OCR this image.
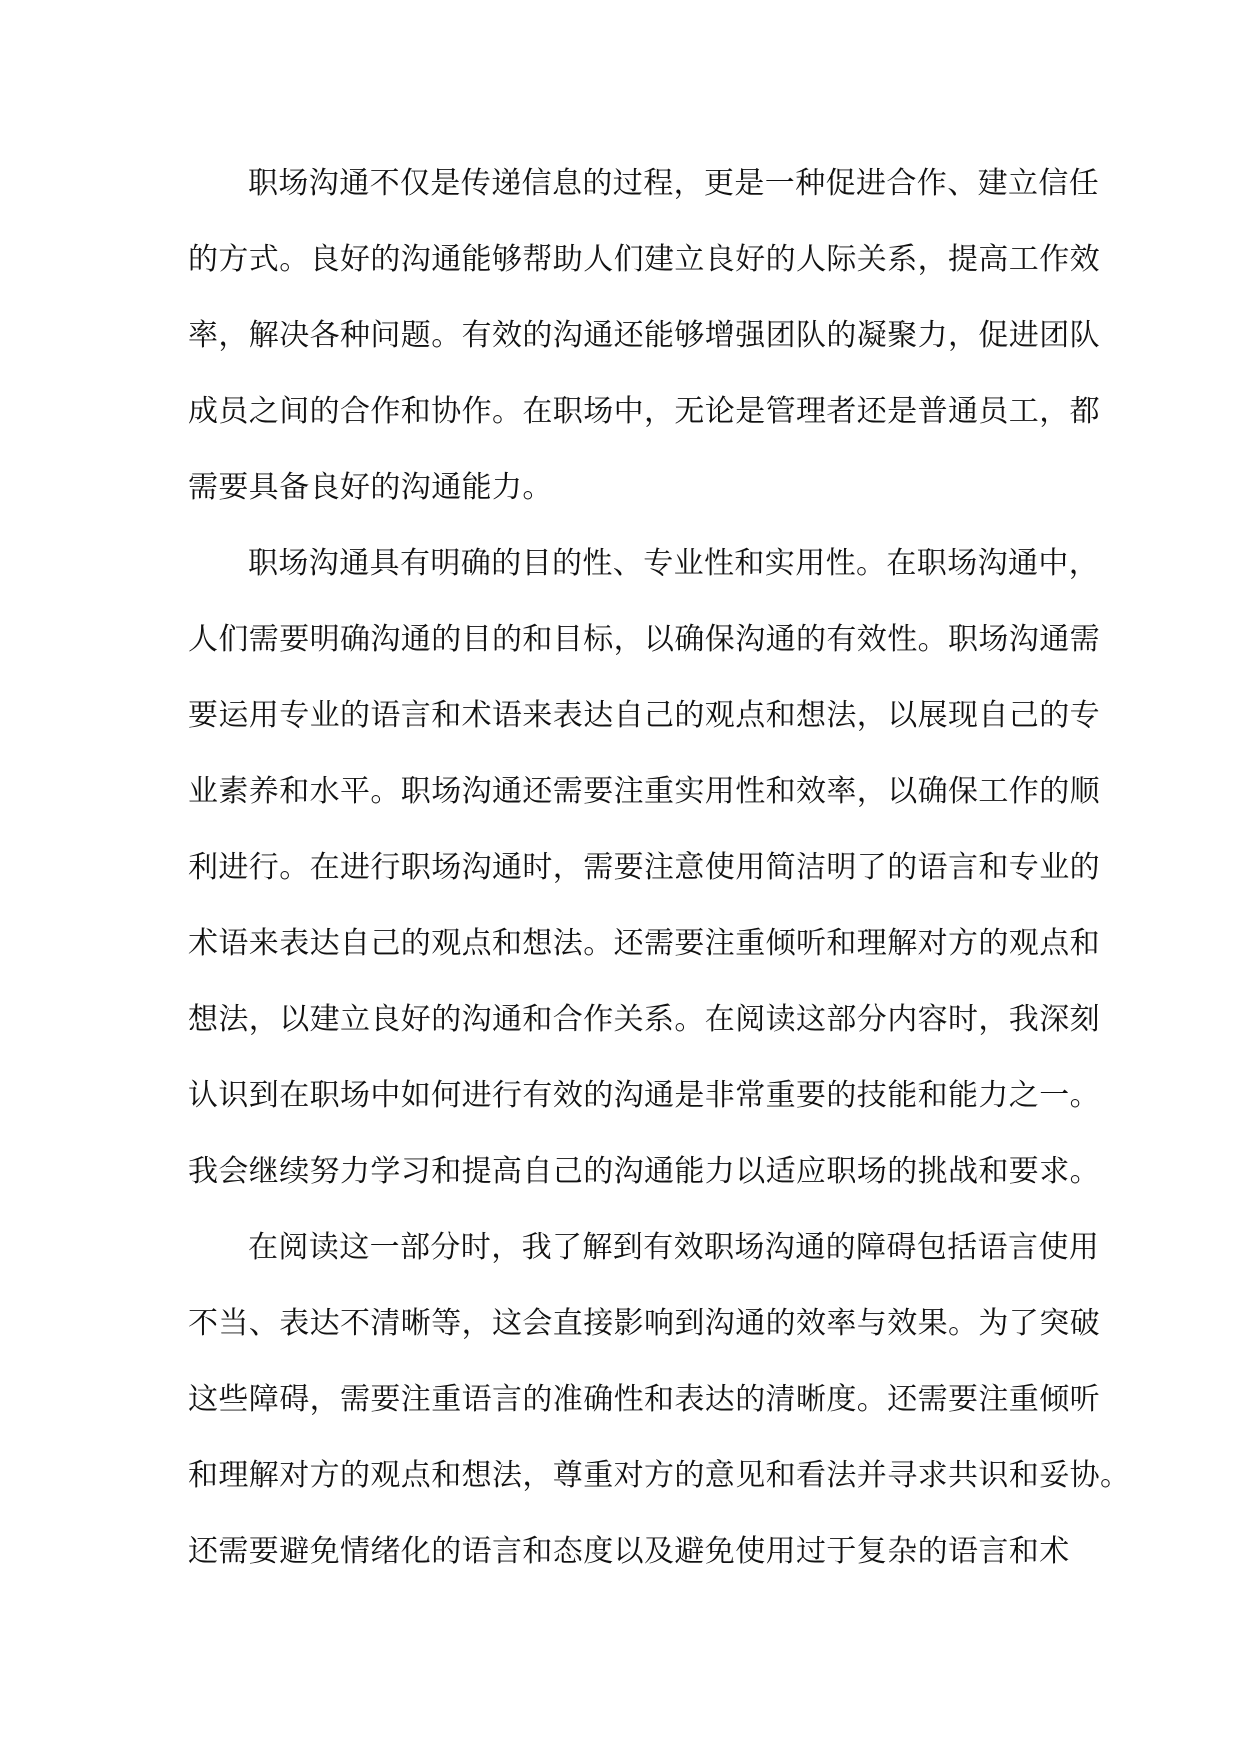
职场沟通不仅是传递信息的过程，更是一种促进合作、建立信任
的方式。良好的沟通能够帮助人们建立良好的人际关系，提高工作效
率，解决各种问题。有效的沟通还能够增强团队的凝聚力，促进团队
成员之间的合作和协作。在职场中，无论是管理者还是普通员工，都
需要具备良好的沟通能力。
职场沟通具有明确的目的性、专业性和实用性。在职场沟通中，
人们需要明确沟通的目的和目标，以确保沟通的有效性。职场沟通需
要运用专业的语言和术语来表达自己的观点和想法，以展现自己的专
业素养和水平。职场沟通还需要注重实用性和效率，以确保工作的顺
利进行。在进行职场沟通时，需要注意使用简洁明了的语言和专业的
术语来表达自己的观点和想法。还需要注重倾听和理解对方的观点和
想法，以建立良好的沟通和合作关系。在阅读这部分内容时，我深刻
认识到在职场中如何进行有效的沟通是非常重要的技能和能力之一。
我会继续努力学习和提高自己的沟通能力以适应职场的挑战和要求。
在阅读这一部分时，我了解到有效职场沟通的障碍包括语言使用
不当、表达不清晰等，这会直接影响到沟通的效率与效果。为了突破
这些障碍，需要注重语言的准确性和表达的清晰度。还需要注重倾听
和理解对方的观点和想法，尊重对方的意见和看法并寻求共识和妥协。
还需要避免情绪化的语言和态度以及避免使用过于复杂的语言和术
